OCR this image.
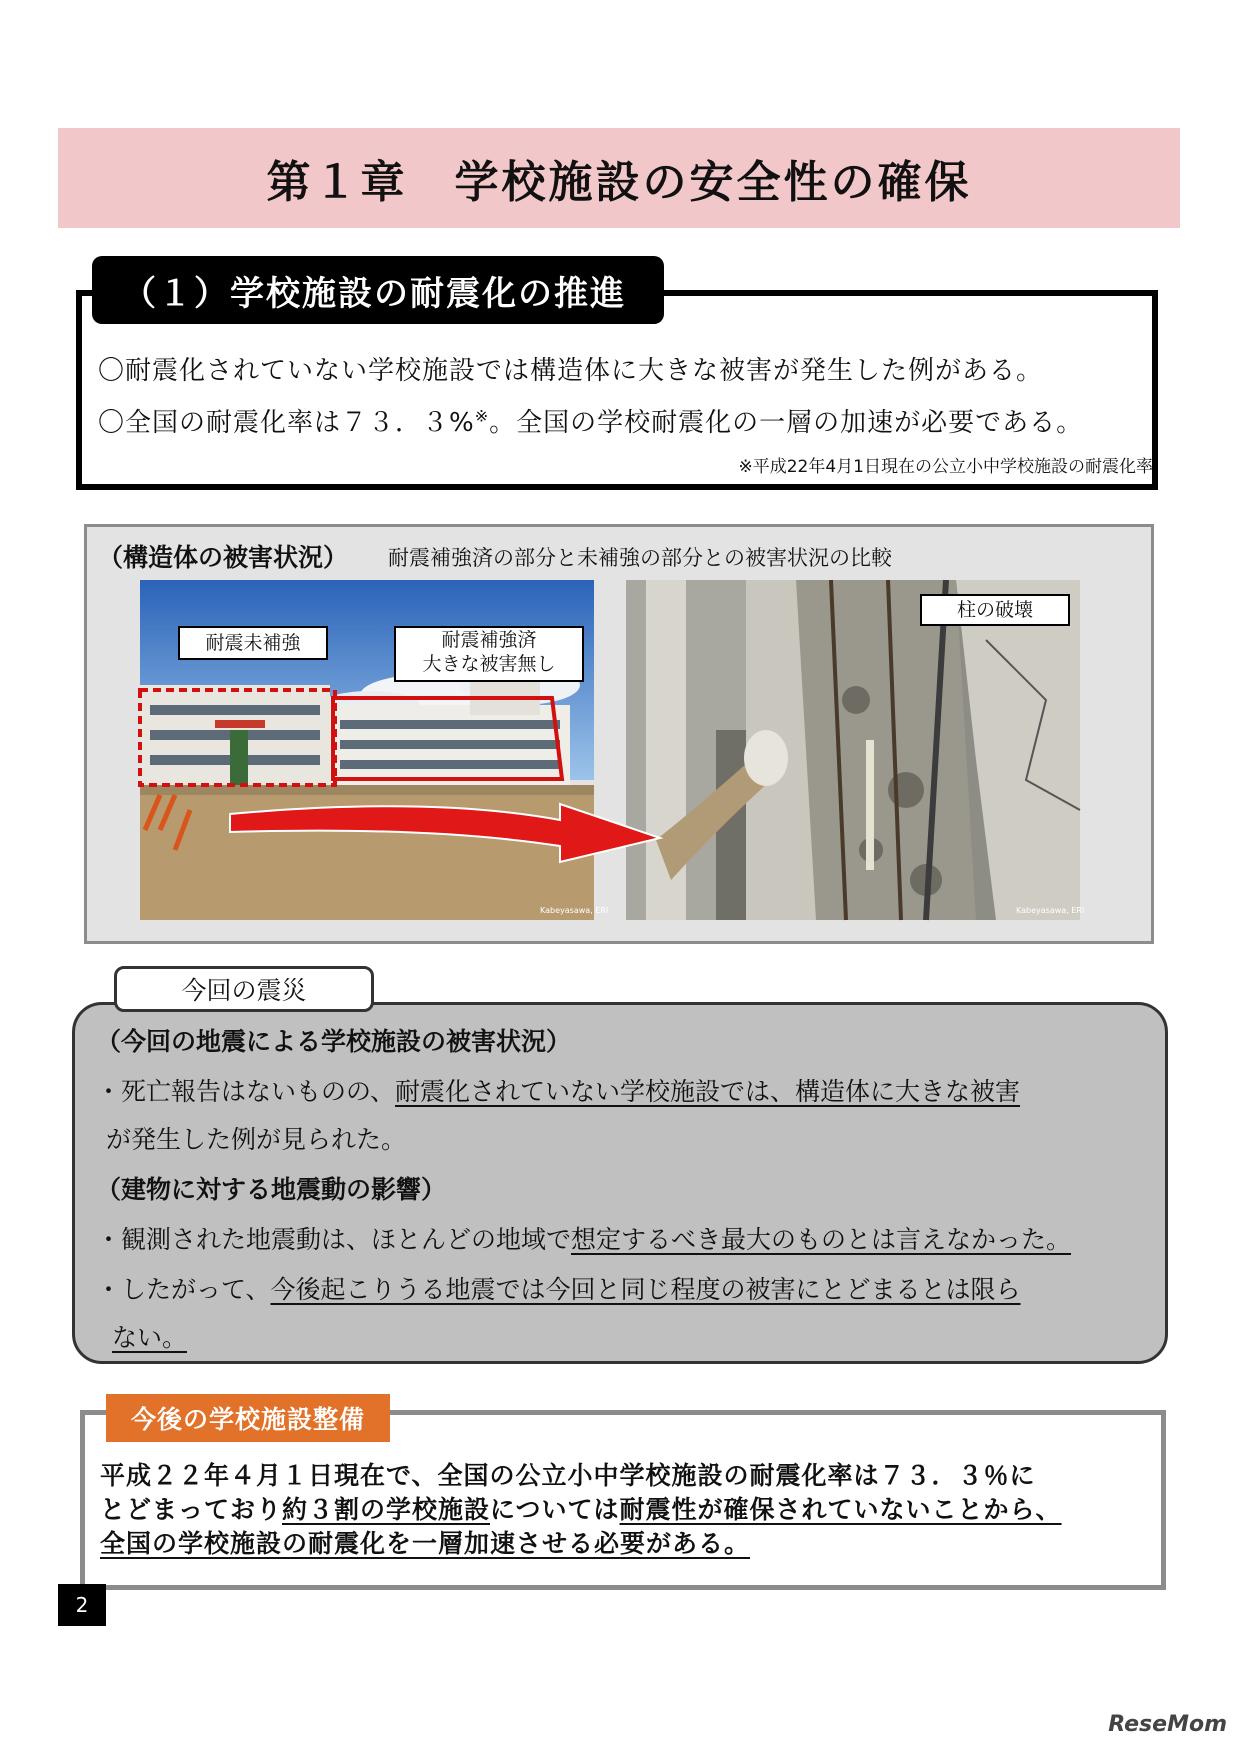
第１章　学校施設の安全性の確保
（１）学校施設の耐震化の推進
〇耐震化されていない学校施設では構造体に大きな被害が発生した例がある。
〇全国の耐震化率は７３．３%※。全国の学校耐震化の一層の加速が必要である。
※平成22年4月1日現在の公立小中学校施設の耐震化率
（構造体の被害状況） 耐震補強済の部分と未補強の部分との被害状況の比較
Kabeyasawa, ERI	Kabeyasawa, ERI
耐震未補強	耐震補強済
大きな被害無し
柱の破壊
今回の震災
（今回の地震による学校施設の被害状況）
・死亡報告はないものの、耐震化されていない学校施設では、構造体に大きな被害
が発生した例が見られた。
（建物に対する地震動の影響）
・観測された地震動は、ほとんどの地域で想定するべき最大のものとは言えなかった。
・したがって、今後起こりうる地震では今回と同じ程度の被害にとどまるとは限ら
ない。
今後の学校施設整備
平成２２年４月１日現在で、全国の公立小中学校施設の耐震化率は７３．３％に
とどまっており約３割の学校施設については耐震性が確保されていないことから、
全国の学校施設の耐震化を一層加速させる必要がある。
2
ReseMom
